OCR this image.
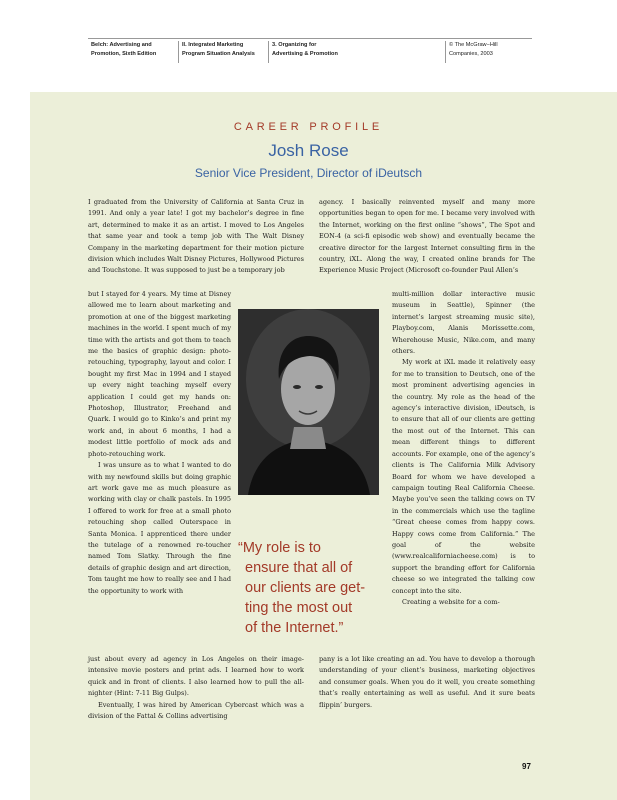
Belch: Advertising and
Promotion, Sixth Edition
II. Integrated Marketing
Program Situation Analysis
3. Organizing for
Advertising & Promotion
© The McGraw−Hill
Companies, 2003
CAREER PROFILE
Josh Rose
Senior Vice President, Director of iDeutsch

I graduated from the University of California at Santa Cruz in 1991. And only a year late! I got my bachelor’s degree in fine art, determined to make it as an artist. I moved to Los Angeles that same year and took a temp job with The Walt Disney Company in the marketing department for their motion picture division which includes Walt Disney Pictures, Hollywood Pictures and Touchstone. It was supposed to just be a temporary job

but I stayed for 4 years. My time at Disney allowed me to learn about marketing and promotion at one of the biggest marketing machines in the world. I spent much of my time with the artists and got them to teach me the basics of graphic design: photo-retouching, typography, layout and color. I bought my first Mac in 1994 and I stayed up every night teaching myself every application I could get my hands on: Photoshop, Illustrator, Freehand and Quark. I would go to Kinko’s and print my work and, in about 6 months, I had a modest little portfolio of mock ads and photo-retouching work.

I was unsure as to what I wanted to do with my newfound skills but doing graphic art work gave me as much pleasure as working with clay or chalk pastels. In 1995 I offered to work for free at a small photo retouching shop called Outerspace in Santa Monica. I apprenticed there under the tutelage of a renowned re-toucher named Tom Slatky. Through the fine details of graphic design and art direction, Tom taught me how to really see and I had the opportunity to work with

just about every ad agency in Los Angeles on their image-intensive movie posters and print ads. I learned how to work quick and in front of clients. I also learned how to pull the all-nighter (Hint: 7-11 Big Gulps).

Eventually, I was hired by American Cybercast which was a division of the Fattal & Collins advertising

agency. I basically reinvented myself and many more opportunities began to open for me. I became very involved with the Internet, working on the first online “shows”, The Spot and EON-4 (a sci-fi episodic web show) and eventually became the creative director for the largest Internet consulting firm in the country, iXL. Along the way, I created online brands for The Experience Music Project (Microsoft co-founder Paul Allen’s

multi-million dollar interactive music museum in Seattle), Spinner (the internet’s largest streaming music site), Playboy.com, Alanis Morissette.com, Wherehouse Music, Nike.com, and many others.

My work at iXL made it relatively easy for me to transition to Deutsch, one of the most prominent advertising agencies in the country. My role as the head of the agency’s interactive division, iDeutsch, is to ensure that all of our clients are getting the most out of the Internet. This can mean different things to different accounts. For example, one of the agency’s clients is The California Milk Advisory Board for whom we have developed a campaign touting Real California Cheese. Maybe you’ve seen the talking cows on TV in the commercials which use the tagline “Great cheese comes from happy cows. Happy cows come from California.” The goal of the website (www.realcaliforniacheese.com) is to support the branding effort for California cheese so we integrated the talking cow concept into the site.

Creating a website for a com-

pany is a lot like creating an ad. You have to develop a thorough understanding of your client’s business, marketing objectives and consumer goals. When you do it well, you create something that’s really entertaining as well as useful. And it sure beats flippin’ burgers.

“My role is to
ensure that all of
our clients are get-
ting the most out
of the Internet.”
97
